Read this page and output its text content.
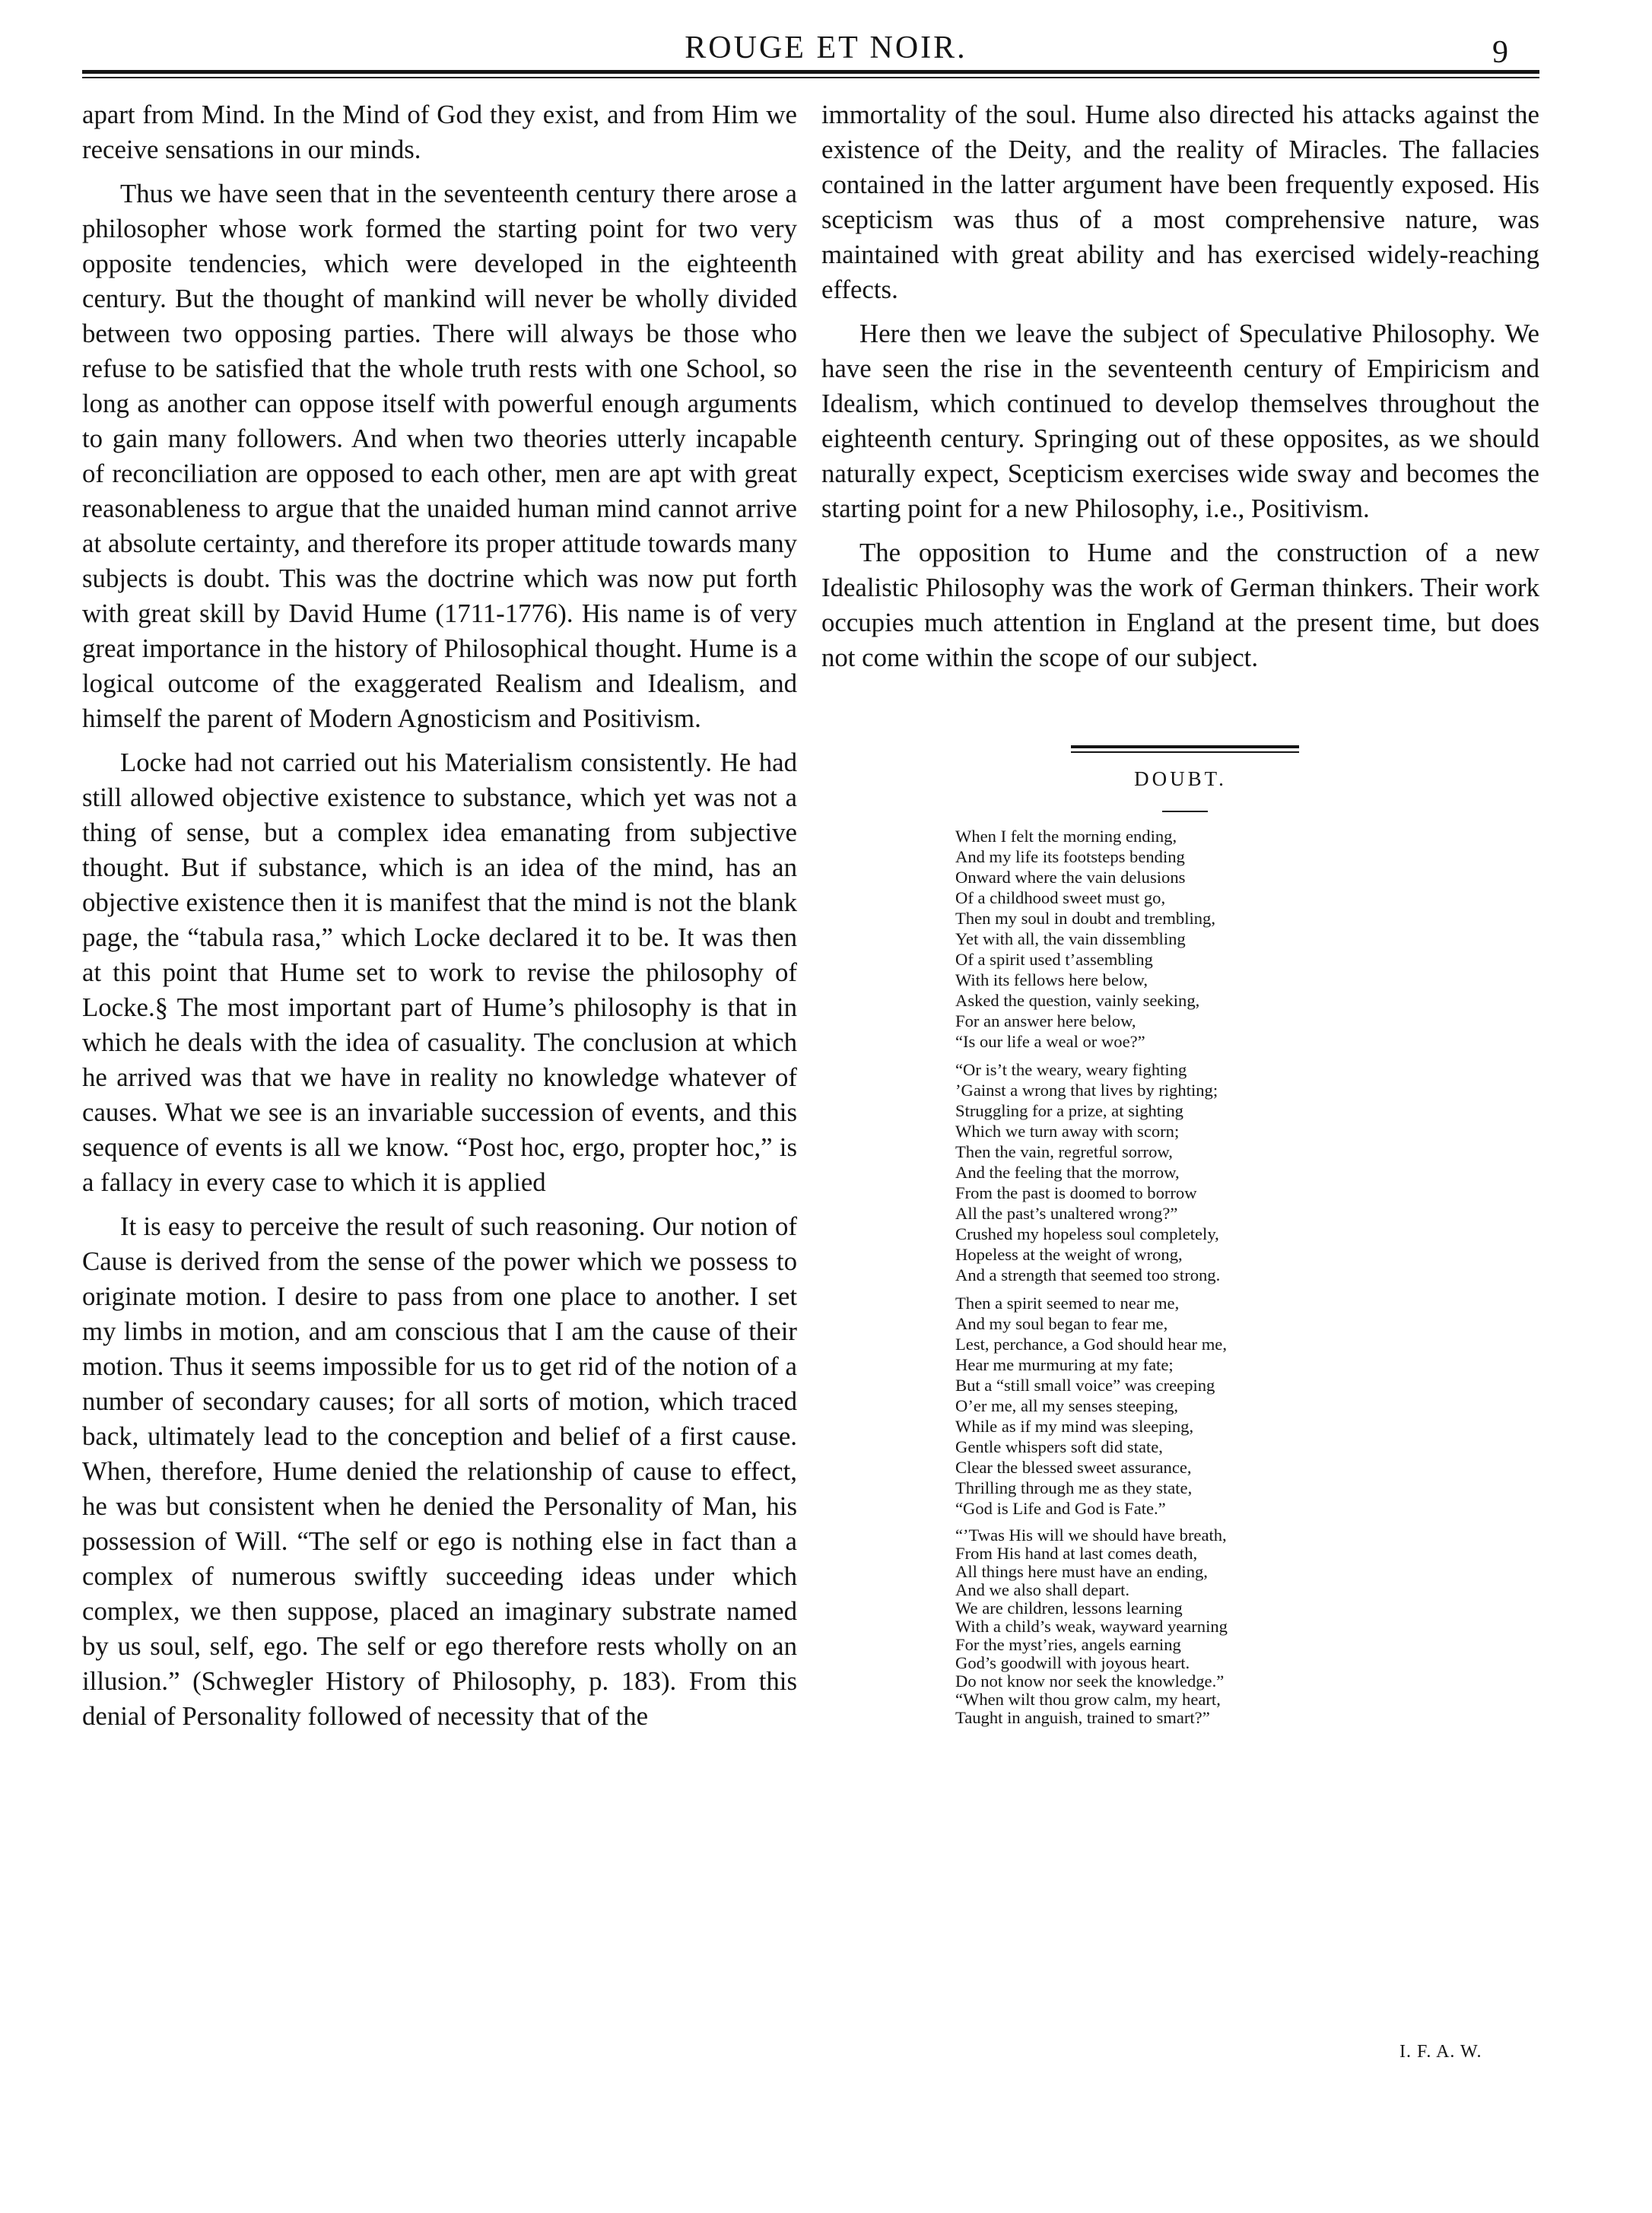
ROUGE ET NOIR.	9

apart from Mind. In the Mind of God they exist, and from Him we receive sensations in our minds.

Thus we have seen that in the seventeenth century there arose a philosopher whose work formed the starting point for two very opposite tendencies, which were developed in the eighteenth century. But the thought of mankind will never be wholly divided between two opposing parties. There will always be those who refuse to be satisfied that the whole truth rests with one School, so long as another can oppose itself with powerful enough arguments to gain many followers. And when two theories utterly incapable of reconciliation are opposed to each other, men are apt with great reasonableness to argue that the unaided human mind cannot arrive at absolute certainty, and therefore its proper attitude towards many subjects is doubt. This was the doctrine which was now put forth with great skill by David Hume (1711-1776). His name is of very great importance in the history of Philosophical thought. Hume is a logical outcome of the exaggerated Realism and Idealism, and himself the parent of Modern Agnosticism and Positivism.

Locke had not carried out his Materialism consistently. He had still allowed objective existence to substance, which yet was not a thing of sense, but a complex idea emanating from subjective thought. But if substance, which is an idea of the mind, has an objective existence then it is manifest that the mind is not the blank page, the “tabula rasa,” which Locke declared it to be. It was then at this point that Hume set to work to revise the philosophy of Locke.§ The most important part of Hume’s philosophy is that in which he deals with the idea of casuality. The conclusion at which he arrived was that we have in reality no knowledge whatever of causes. What we see is an invariable succession of events, and this sequence of events is all we know. “Post hoc, ergo, propter hoc,” is a fallacy in every case to which it is applied

It is easy to perceive the result of such reasoning. Our notion of Cause is derived from the sense of the power which we possess to originate motion. I desire to pass from one place to another. I set my limbs in motion, and am conscious that I am the cause of their motion. Thus it seems impossible for us to get rid of the notion of a number of secondary causes; for all sorts of motion, which traced back, ultimately lead to the conception and belief of a first cause. When, therefore, Hume denied the relationship of cause to effect, he was but consistent when he denied the Personality of Man, his possession of Will. “The self or ego is nothing else in fact than a complex of numerous swiftly succeeding ideas under which complex, we then suppose, placed an imaginary substrate named by us soul, self, ego. The self or ego therefore rests wholly on an illusion.” (Schwegler History of Philosophy, p. 183). From this denial of Personality followed of necessity that of the

immortality of the soul. Hume also directed his attacks against the existence of the Deity, and the reality of Miracles. The fallacies contained in the latter argument have been frequently exposed. His scepticism was thus of a most comprehensive nature, was maintained with great ability and has exercised widely-reaching effects.

Here then we leave the subject of Speculative Philosophy. We have seen the rise in the seventeenth century of Empiricism and Idealism, which continued to develop themselves throughout the eighteenth century. Springing out of these opposites, as we should naturally expect, Scepticism exercises wide sway and becomes the starting point for a new Philosophy, i.e., Positivism.

The opposition to Hume and the construction of a new Idealistic Philosophy was the work of German thinkers. Their work occupies much attention in England at the present time, but does not come within the scope of our subject.

DOUBT.
When I felt the morning ending,
And my life its footsteps bending
Onward where the vain delusions
Of a childhood sweet must go,
Then my soul in doubt and trembling,
Yet with all, the vain dissembling
Of a spirit used t’assembling
With its fellows here below,
Asked the question, vainly seeking,
For an answer here below,
“Is our life a weal or woe?”
“Or is’t the weary, weary fighting
’Gainst a wrong that lives by righting;
Struggling for a prize, at sighting
Which we turn away with scorn;
Then the vain, regretful sorrow,
And the feeling that the morrow,
From the past is doomed to borrow
All the past’s unaltered wrong?”
Crushed my hopeless soul completely,
Hopeless at the weight of wrong,
And a strength that seemed too strong.
Then a spirit seemed to near me,
And my soul began to fear me,
Lest, perchance, a God should hear me,
Hear me murmuring at my fate;
But a “still small voice” was creeping
O’er me, all my senses steeping,
While as if my mind was sleeping,
Gentle whispers soft did state,
Clear the blessed sweet assurance,
Thrilling through me as they state,
“God is Life and God is Fate.”
“’Twas His will we should have breath,
From His hand at last comes death,
All things here must have an ending,
And we also shall depart.
We are children, lessons learning
With a child’s weak, wayward yearning
For the myst’ries, angels earning
God’s goodwill with joyous heart.
Do not know nor seek the knowledge.”
“When wilt thou grow calm, my heart,
Taught in anguish, trained to smart?”
I. F. A. W.
